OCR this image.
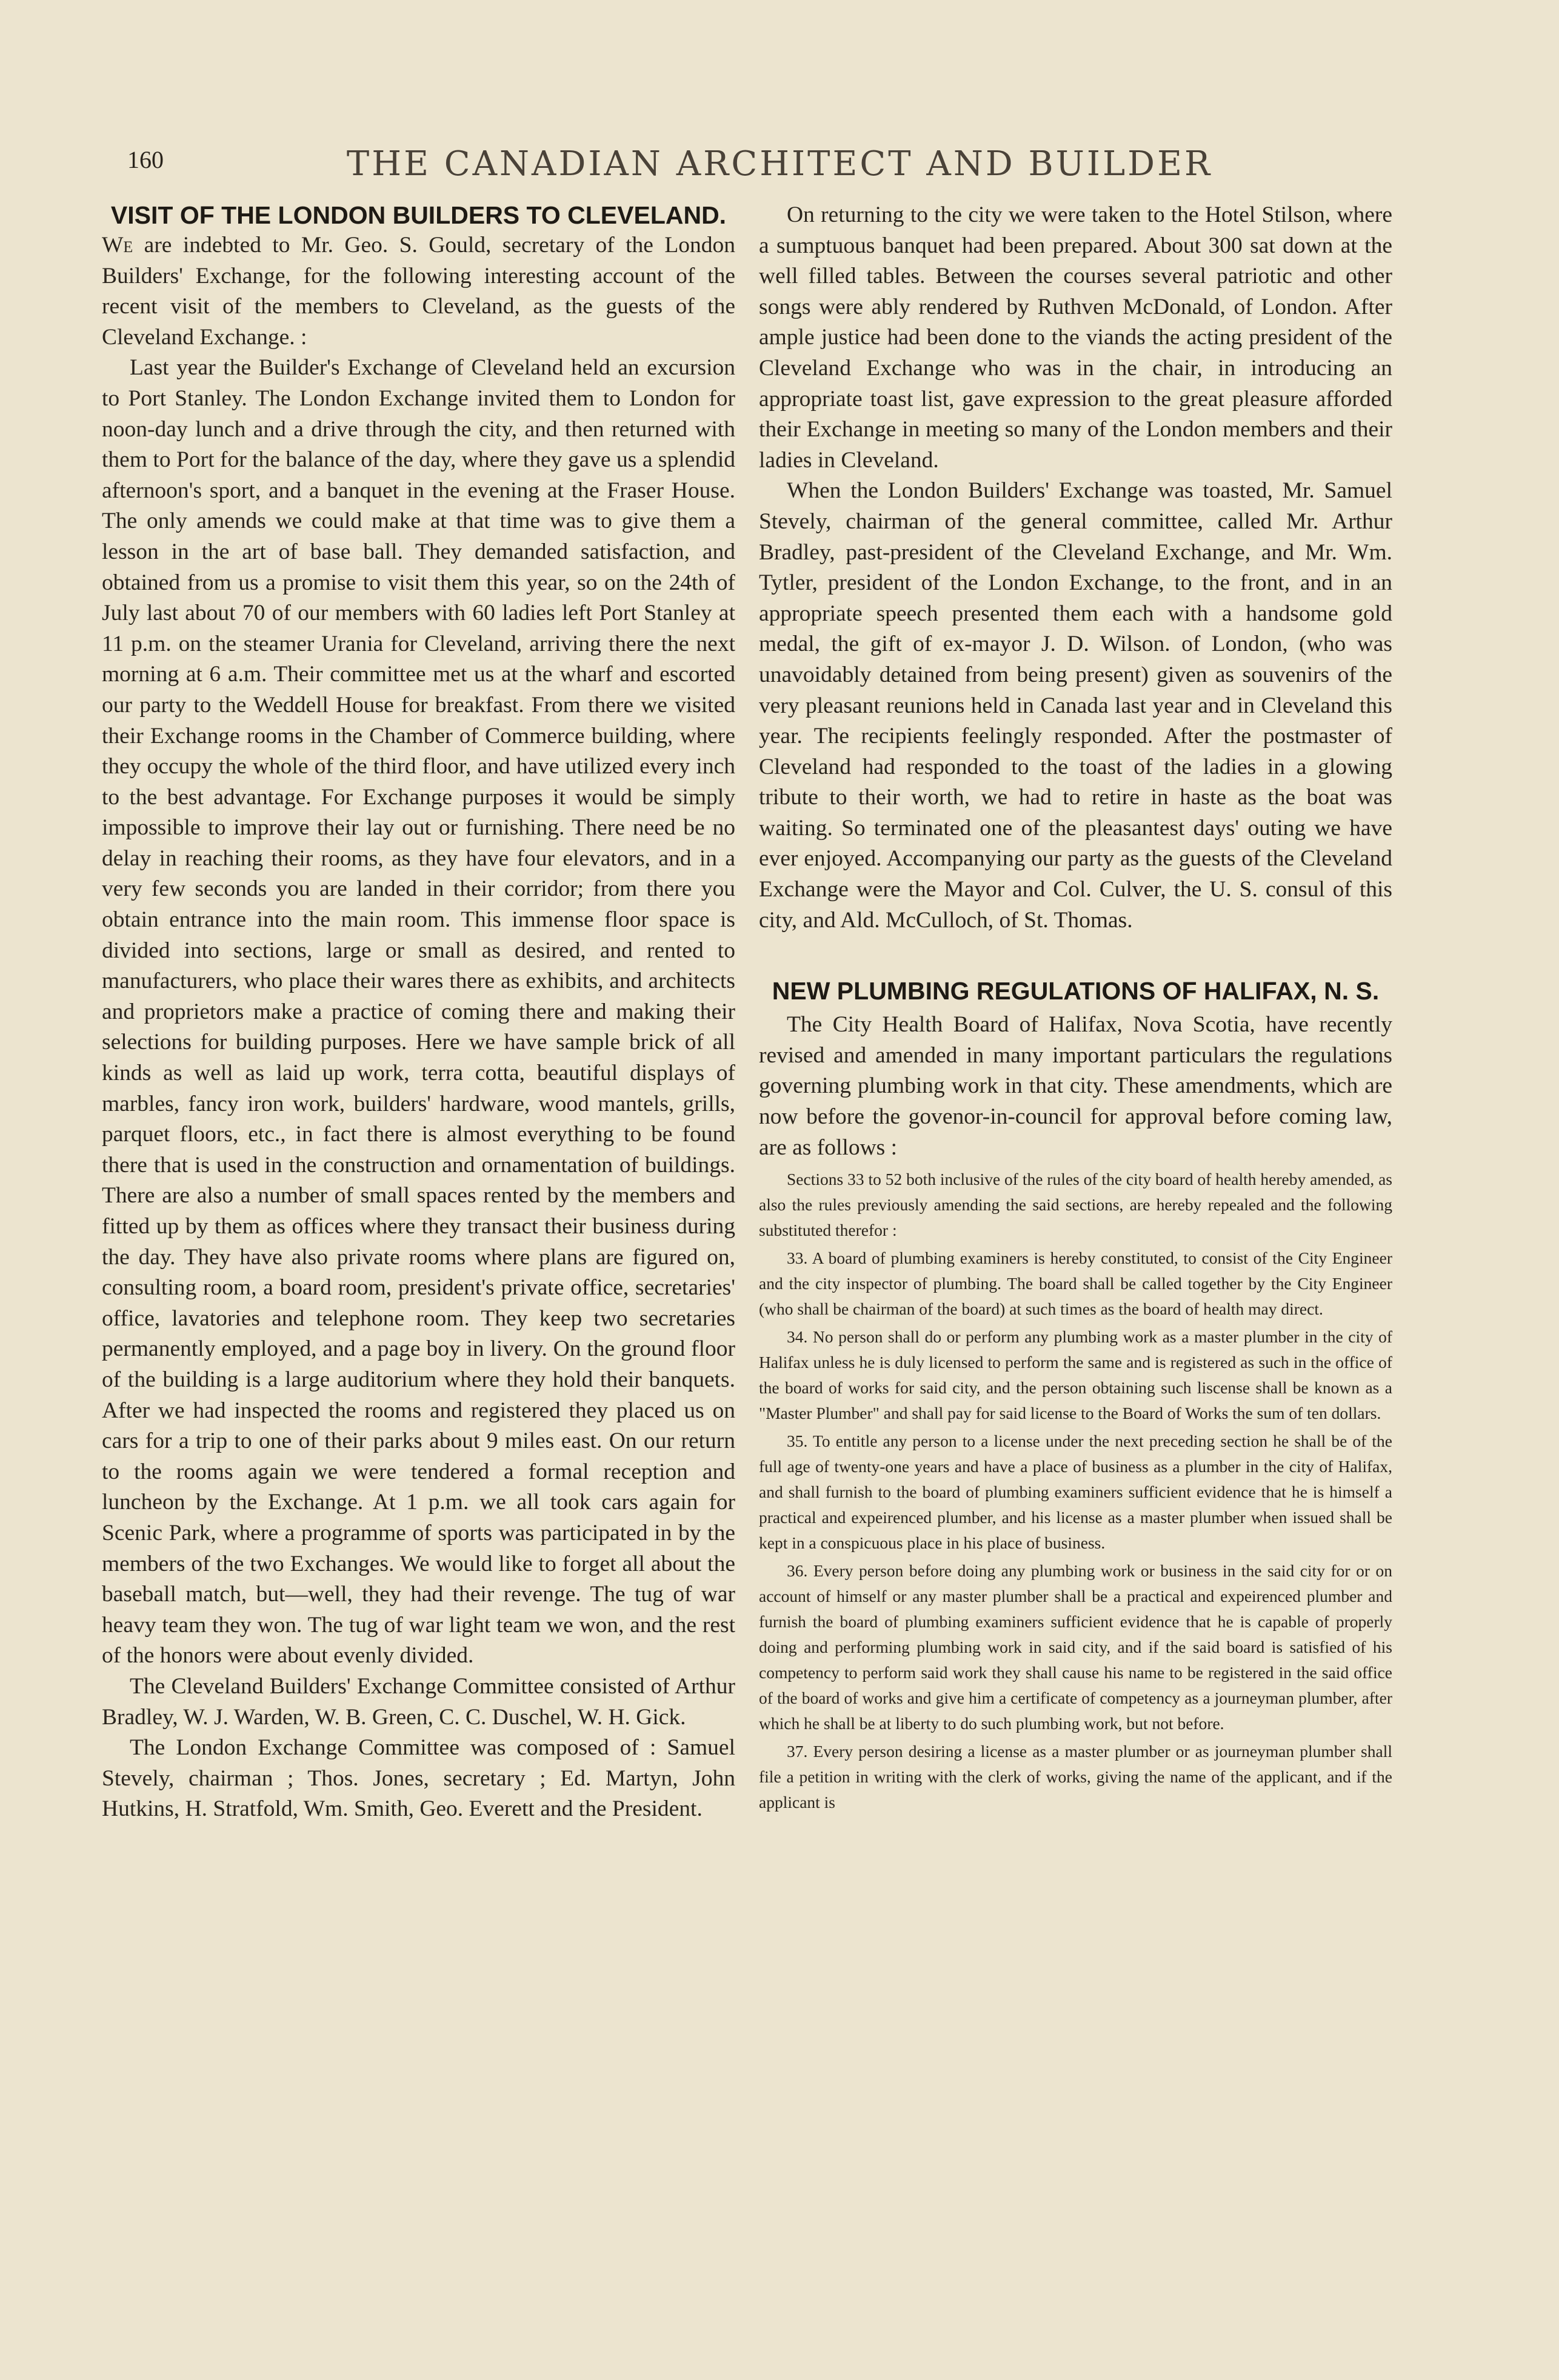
160	THE CANADIAN ARCHITECT AND BUILDER
VISIT OF THE LONDON BUILDERS TO CLEVELAND.

We are indebted to Mr. Geo. S. Gould, secretary of the London Builders' Exchange, for the following interesting account of the recent visit of the members to Cleveland, as the guests of the Cleveland Exchange. :

Last year the Builder's Exchange of Cleveland held an excursion to Port Stanley. The London Exchange invited them to London for noon-day lunch and a drive through the city, and then returned with them to Port for the balance of the day, where they gave us a splendid afternoon's sport, and a banquet in the evening at the Fraser House. The only amends we could make at that time was to give them a lesson in the art of base ball. They demanded satisfaction, and obtained from us a promise to visit them this year, so on the 24th of July last about 70 of our members with 60 ladies left Port Stanley at 11 p.m. on the steamer Urania for Cleveland, arriving there the next morning at 6 a.m. Their committee met us at the wharf and escorted our party to the Weddell House for breakfast. From there we visited their Exchange rooms in the Chamber of Commerce building, where they occupy the whole of the third floor, and have utilized every inch to the best advantage. For Exchange purposes it would be simply impossible to improve their lay out or furnishing. There need be no delay in reaching their rooms, as they have four elevators, and in a very few seconds you are landed in their corridor; from there you obtain entrance into the main room. This immense floor space is divided into sections, large or small as desired, and rented to manufacturers, who place their wares there as exhibits, and architects and proprietors make a practice of coming there and making their selections for building purposes. Here we have sample brick of all kinds as well as laid up work, terra cotta, beautiful displays of marbles, fancy iron work, builders' hardware, wood mantels, grills, parquet floors, etc., in fact there is almost everything to be found there that is used in the construction and ornamentation of buildings. There are also a number of small spaces rented by the members and fitted up by them as offices where they transact their business during the day. They have also private rooms where plans are figured on, consulting room, a board room, president's private office, secretaries' office, lavatories and telephone room. They keep two secretaries permanently employed, and a page boy in livery. On the ground floor of the building is a large auditorium where they hold their banquets. After we had inspected the rooms and registered they placed us on cars for a trip to one of their parks about 9 miles east. On our return to the rooms again we were tendered a formal reception and luncheon by the Exchange. At 1 p.m. we all took cars again for Scenic Park, where a programme of sports was participated in by the members of the two Exchanges. We would like to forget all about the baseball match, but—well, they had their revenge. The tug of war heavy team they won. The tug of war light team we won, and the rest of the honors were about evenly divided.

The Cleveland Builders' Exchange Committee consisted of Arthur Bradley, W. J. Warden, W. B. Green, C. C. Duschel, W. H. Gick.

The London Exchange Committee was composed of : Samuel Stevely, chairman ; Thos. Jones, secretary ; Ed. Martyn, John Hutkins, H. Stratfold, Wm. Smith, Geo. Everett and the President.

On returning to the city we were taken to the Hotel Stilson, where a sumptuous banquet had been prepared. About 300 sat down at the well filled tables. Between the courses several patriotic and other songs were ably rendered by Ruthven McDonald, of London. After ample justice had been done to the viands the acting president of the Cleveland Exchange who was in the chair, in introducing an appropriate toast list, gave expression to the great pleasure afforded their Exchange in meeting so many of the London members and their ladies in Cleveland.

When the London Builders' Exchange was toasted, Mr. Samuel Stevely, chairman of the general committee, called Mr. Arthur Bradley, past-president of the Cleveland Exchange, and Mr. Wm. Tytler, president of the London Exchange, to the front, and in an appropriate speech presented them each with a handsome gold medal, the gift of ex-mayor J. D. Wilson. of London, (who was unavoidably detained from being present) given as souvenirs of the very pleasant reunions held in Canada last year and in Cleveland this year. The recipients feelingly responded. After the postmaster of Cleveland had responded to the toast of the ladies in a glowing tribute to their worth, we had to retire in haste as the boat was waiting. So terminated one of the pleasantest days' outing we have ever enjoyed. Accompanying our party as the guests of the Cleveland Exchange were the Mayor and Col. Culver, the U. S. consul of this city, and Ald. McCulloch, of St. Thomas.

NEW PLUMBING REGULATIONS OF HALIFAX, N. S.

The City Health Board of Halifax, Nova Scotia, have recently revised and amended in many important particulars the regulations governing plumbing work in that city. These amendments, which are now before the govenor-in-council for approval before coming law, are as follows :

Sections 33 to 52 both inclusive of the rules of the city board of health hereby amended, as also the rules previously amending the said sections, are hereby repealed and the following substituted therefor :

33. A board of plumbing examiners is hereby constituted, to consist of the City Engineer and the city inspector of plumbing. The board shall be called together by the City Engineer (who shall be chairman of the board) at such times as the board of health may direct.

34. No person shall do or perform any plumbing work as a master plumber in the city of Halifax unless he is duly licensed to perform the same and is registered as such in the office of the board of works for said city, and the person obtaining such liscense shall be known as a "Master Plumber" and shall pay for said license to the Board of Works the sum of ten dollars.

35. To entitle any person to a license under the next preceding section he shall be of the full age of twenty-one years and have a place of business as a plumber in the city of Halifax, and shall furnish to the board of plumbing examiners sufficient evidence that he is himself a practical and expeirenced plumber, and his license as a master plumber when issued shall be kept in a conspicuous place in his place of business.

36. Every person before doing any plumbing work or business in the said city for or on account of himself or any master plumber shall be a practical and expeirenced plumber and furnish the board of plumbing examiners sufficient evidence that he is capable of properly doing and performing plumbing work in said city, and if the said board is satisfied of his competency to perform said work they shall cause his name to be registered in the said office of the board of works and give him a certificate of competency as a journeyman plumber, after which he shall be at liberty to do such plumbing work, but not before.

37. Every person desiring a license as a master plumber or as journeyman plumber shall file a petition in writing with the clerk of works, giving the name of the applicant, and if the applicant is
